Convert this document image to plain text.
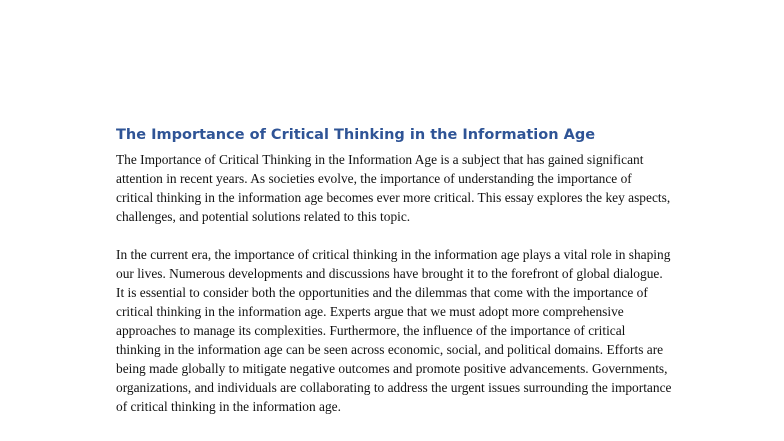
The Importance of Critical Thinking in the Information Age

The Importance of Critical Thinking in the Information Age is a subject that has gained significant attention in recent years. As societies evolve, the importance of understanding the importance of critical thinking in the information age becomes ever more critical. This essay explores the key aspects, challenges, and potential solutions related to this topic.

In the current era, the importance of critical thinking in the information age plays a vital role in shaping our lives. Numerous developments and discussions have brought it to the forefront of global dialogue. It is essential to consider both the opportunities and the dilemmas that come with the importance of critical thinking in the information age. Experts argue that we must adopt more comprehensive approaches to manage its complexities. Furthermore, the influence of the importance of critical thinking in the information age can be seen across economic, social, and political domains. Efforts are being made globally to mitigate negative outcomes and promote positive advancements. Governments, organizations, and individuals are collaborating to address the urgent issues surrounding the importance of critical thinking in the information age.
